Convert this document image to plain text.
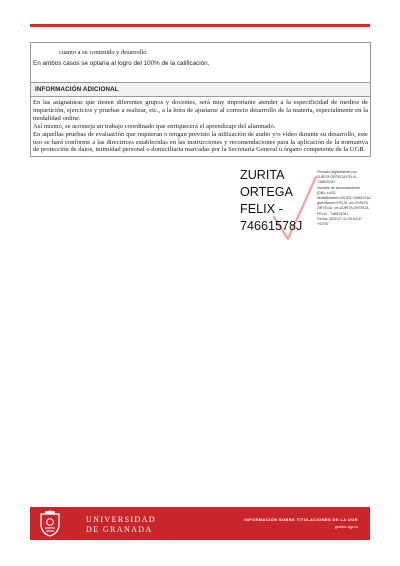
cuanto a su contenido y desarrollo.
En ambos casos se optaría al logro del 100% de la calificación.
INFORMACIÓN ADICIONAL

En las asignaturas que tienen diferentes grupos y docentes, será muy importante atender a la especificidad de medios de impartición, ejercicios y pruebas a realizar, etc., a la hora de ajustarse al correcto desarrollo de la materia, especialmente en la modalidad online.

Así mismo, se aconseja un trabajo coordinado que enriquecerá el aprendizaje del alumnado.

En aquellas pruebas de evaluación que requieran o tengan previsto la utilización de audio y/o vídeo durante su desarrollo, este uso se hará conforme a las directrices establecidas en las instrucciones y recomendaciones para la aplicación de la normativa de protección de datos, intimidad personal o domiciliaria marcadas por la Secretaría General u órgano competente de la UGR.

ZURITA
ORTEGA
FELIX -
74661578J
Firmado digitalmente por
ZURITA ORTEGA FELIX -
74661578J
Nombre de reconocimiento
(DN): c=ES,
serialNumber=IDCES-74661578J,
givenName=FELIX, sn=ZURITA
ORTEGA, cn=ZURITA ORTEGA
FELIX - 74661578J
Fecha: 2020.07.12 09:04:47
+02'00'
UNIVERSIDAD
DE GRANADA
INFORMACIÓN SOBRE TITULACIONES DE LA UGR
grados.ugr.es
